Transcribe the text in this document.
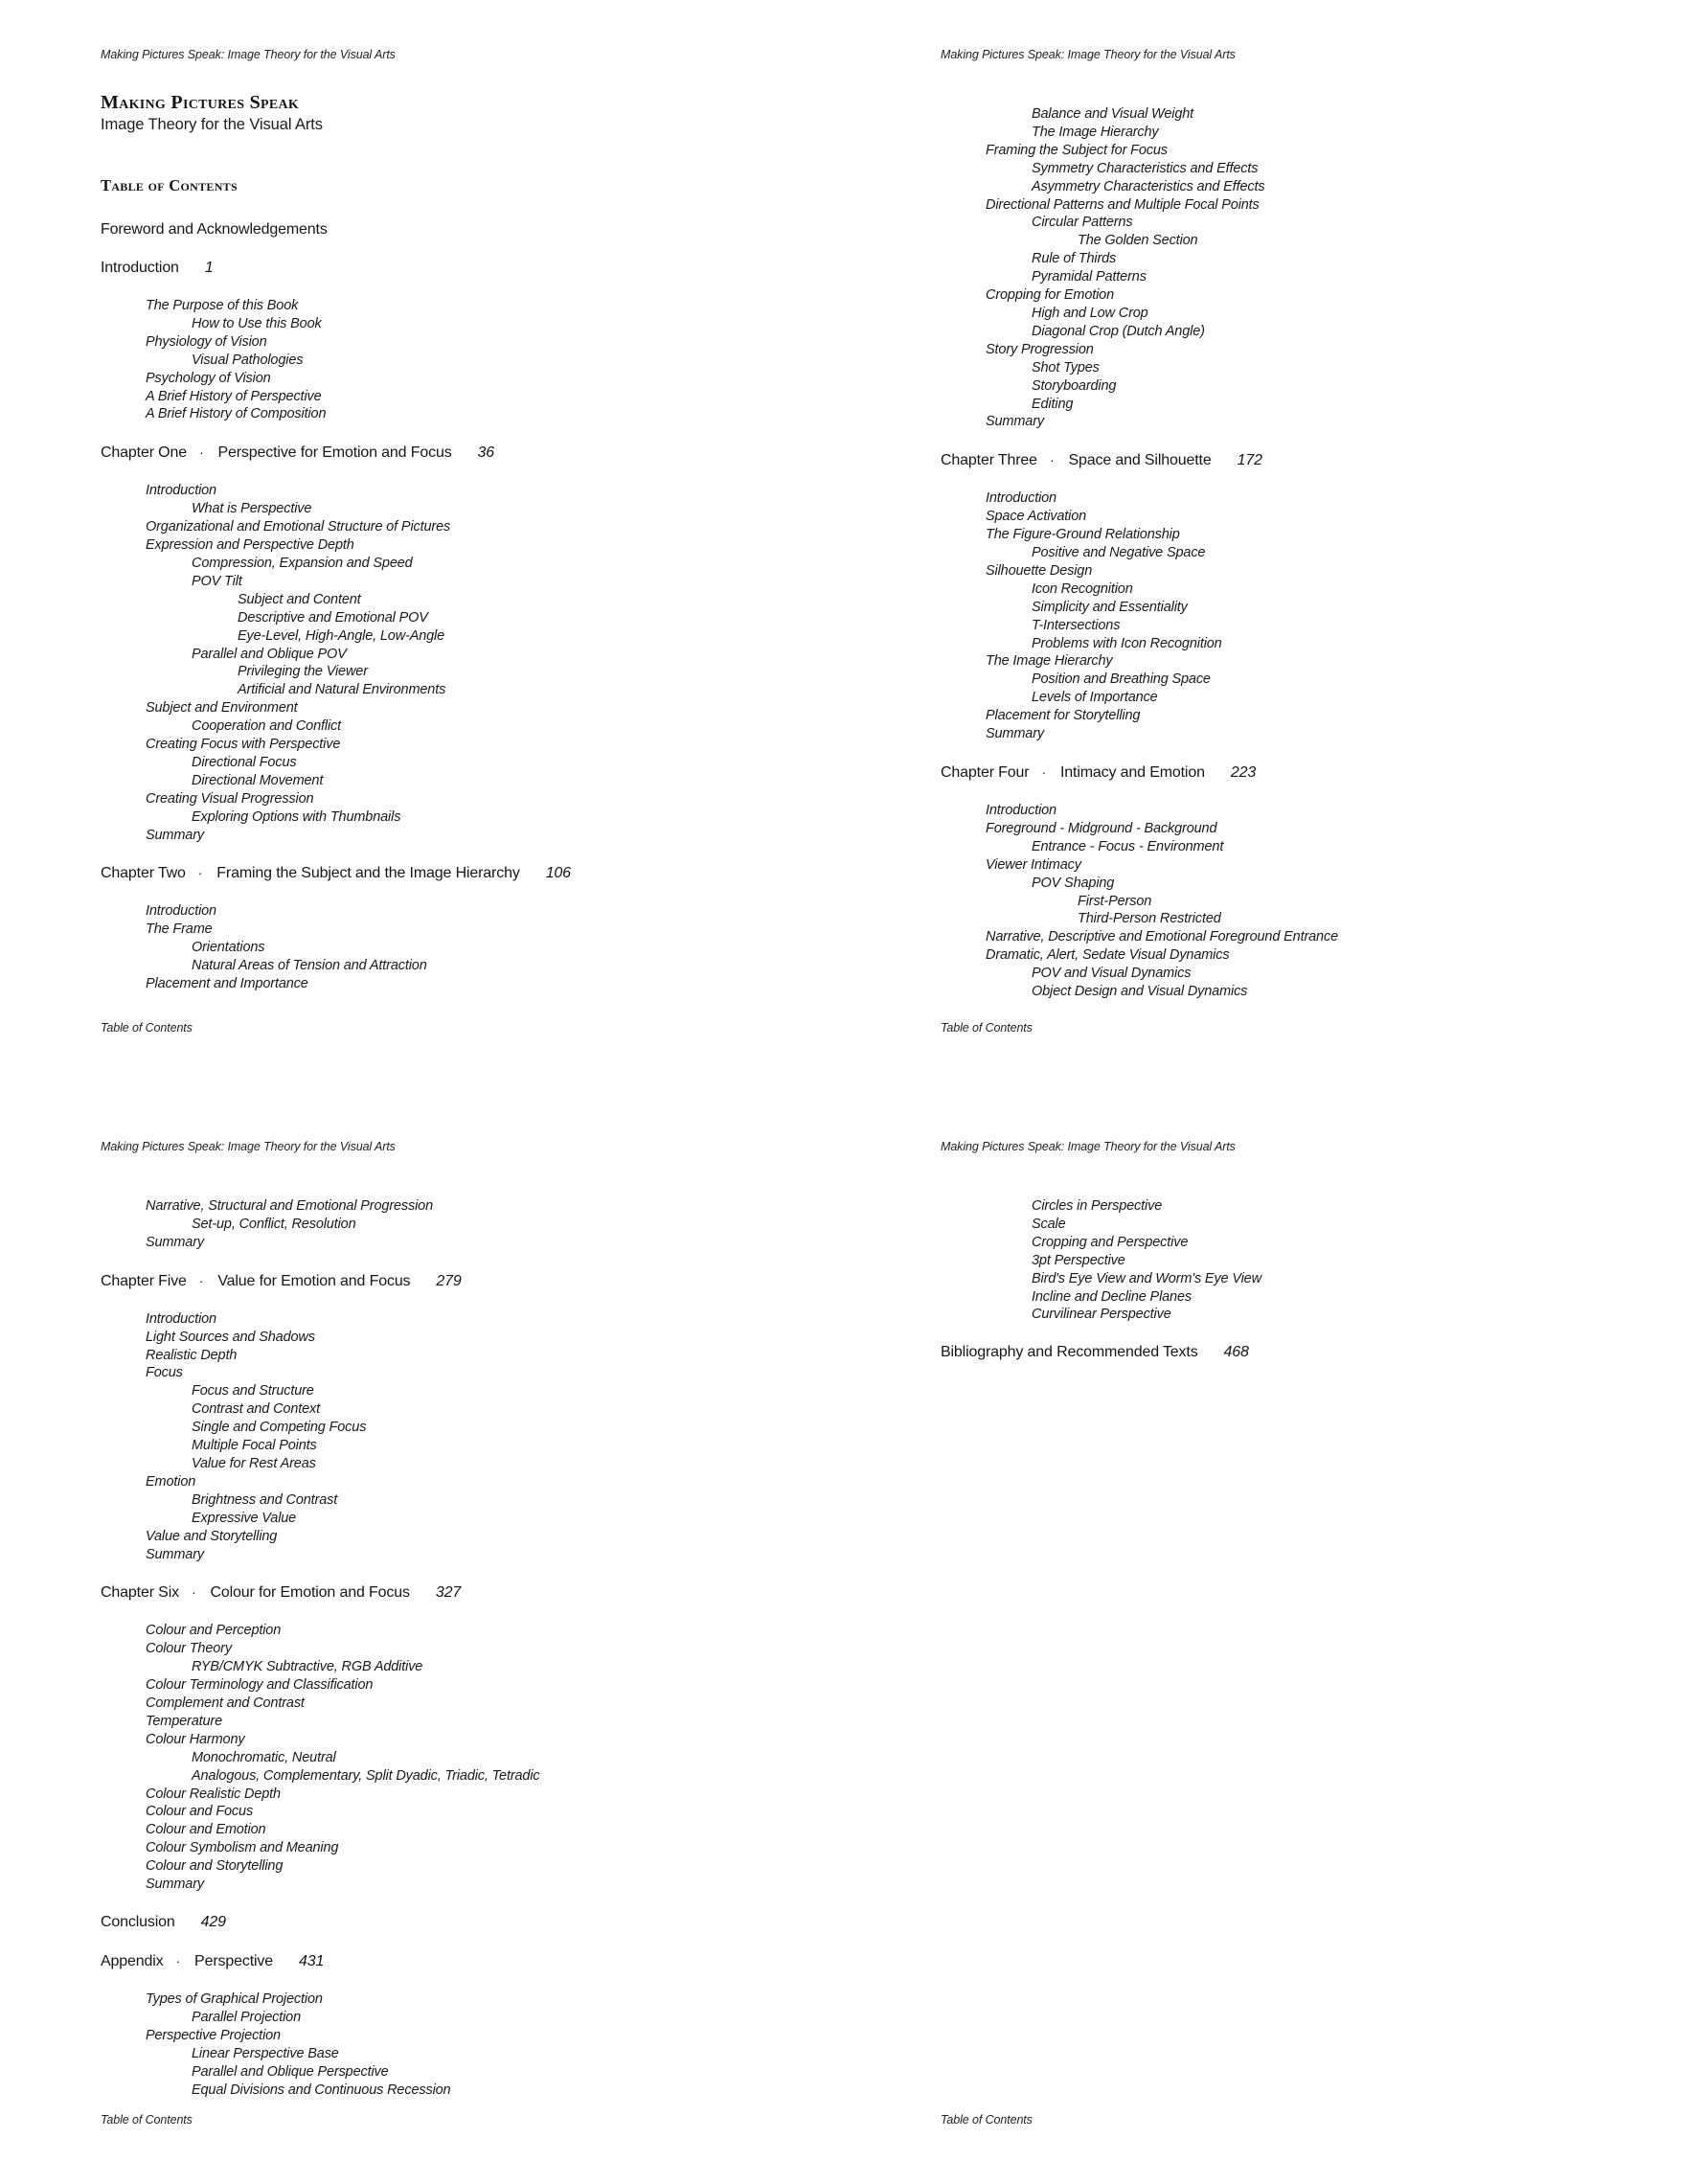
Making Pictures Speak: Image Theory for the Visual Arts
Making Pictures Speak
Image Theory for the Visual Arts
Table of Contents
Foreword and Acknowledgements
Introduction 1
The Purpose of this Book
How to Use this Book
Physiology of Vision
Visual Pathologies
Psychology of Vision
A Brief History of Perspective
A Brief History of Composition
Chapter One · Perspective for Emotion and Focus 36
Introduction
What is Perspective
Organizational and Emotional Structure of Pictures
Expression and Perspective Depth
Compression, Expansion and Speed
POV Tilt
Subject and Content
Descriptive and Emotional POV
Eye-Level, High-Angle, Low-Angle
Parallel and Oblique POV
Privileging the Viewer
Artificial and Natural Environments
Subject and Environment
Cooperation and Conflict
Creating Focus with Perspective
Directional Focus
Directional Movement
Creating Visual Progression
Exploring Options with Thumbnails
Summary
Chapter Two · Framing the Subject and the Image Hierarchy 106
Introduction
The Frame
Orientations
Natural Areas of Tension and Attraction
Placement and Importance
Table of Contents
Making Pictures Speak: Image Theory for the Visual Arts
Balance and Visual Weight
The Image Hierarchy
Framing the Subject for Focus
Symmetry Characteristics and Effects
Asymmetry Characteristics and Effects
Directional Patterns and Multiple Focal Points
Circular Patterns
The Golden Section
Rule of Thirds
Pyramidal Patterns
Cropping for Emotion
High and Low Crop
Diagonal Crop (Dutch Angle)
Story Progression
Shot Types
Storyboarding
Editing
Summary
Chapter Three · Space and Silhouette 172
Introduction
Space Activation
The Figure-Ground Relationship
Positive and Negative Space
Silhouette Design
Icon Recognition
Simplicity and Essentiality
T-Intersections
Problems with Icon Recognition
The Image Hierarchy
Position and Breathing Space
Levels of Importance
Placement for Storytelling
Summary
Chapter Four · Intimacy and Emotion 223
Introduction
Foreground - Midground - Background
Entrance - Focus - Environment
Viewer Intimacy
POV Shaping
First-Person
Third-Person Restricted
Narrative, Descriptive and Emotional Foreground Entrance
Dramatic, Alert, Sedate Visual Dynamics
POV and Visual Dynamics
Object Design and Visual Dynamics
Table of Contents
Making Pictures Speak: Image Theory for the Visual Arts
Narrative, Structural and Emotional Progression
Set-up, Conflict, Resolution
Summary
Chapter Five · Value for Emotion and Focus 279
Introduction
Light Sources and Shadows
Realistic Depth
Focus
Focus and Structure
Contrast and Context
Single and Competing Focus
Multiple Focal Points
Value for Rest Areas
Emotion
Brightness and Contrast
Expressive Value
Value and Storytelling
Summary
Chapter Six · Colour for Emotion and Focus 327
Colour and Perception
Colour Theory
RYB/CMYK Subtractive, RGB Additive
Colour Terminology and Classification
Complement and Contrast
Temperature
Colour Harmony
Monochromatic, Neutral
Analogous, Complementary, Split Dyadic, Triadic, Tetradic
Colour Realistic Depth
Colour and Focus
Colour and Emotion
Colour Symbolism and Meaning
Colour and Storytelling
Summary
Conclusion 429
Appendix · Perspective 431
Types of Graphical Projection
Parallel Projection
Perspective Projection
Linear Perspective Base
Parallel and Oblique Perspective
Equal Divisions and Continuous Recession
Table of Contents
Making Pictures Speak: Image Theory for the Visual Arts
Circles in Perspective
Scale
Cropping and Perspective
3pt Perspective
Bird's Eye View and Worm's Eye View
Incline and Decline Planes
Curvilinear Perspective
Bibliography and Recommended Texts 468
Table of Contents
